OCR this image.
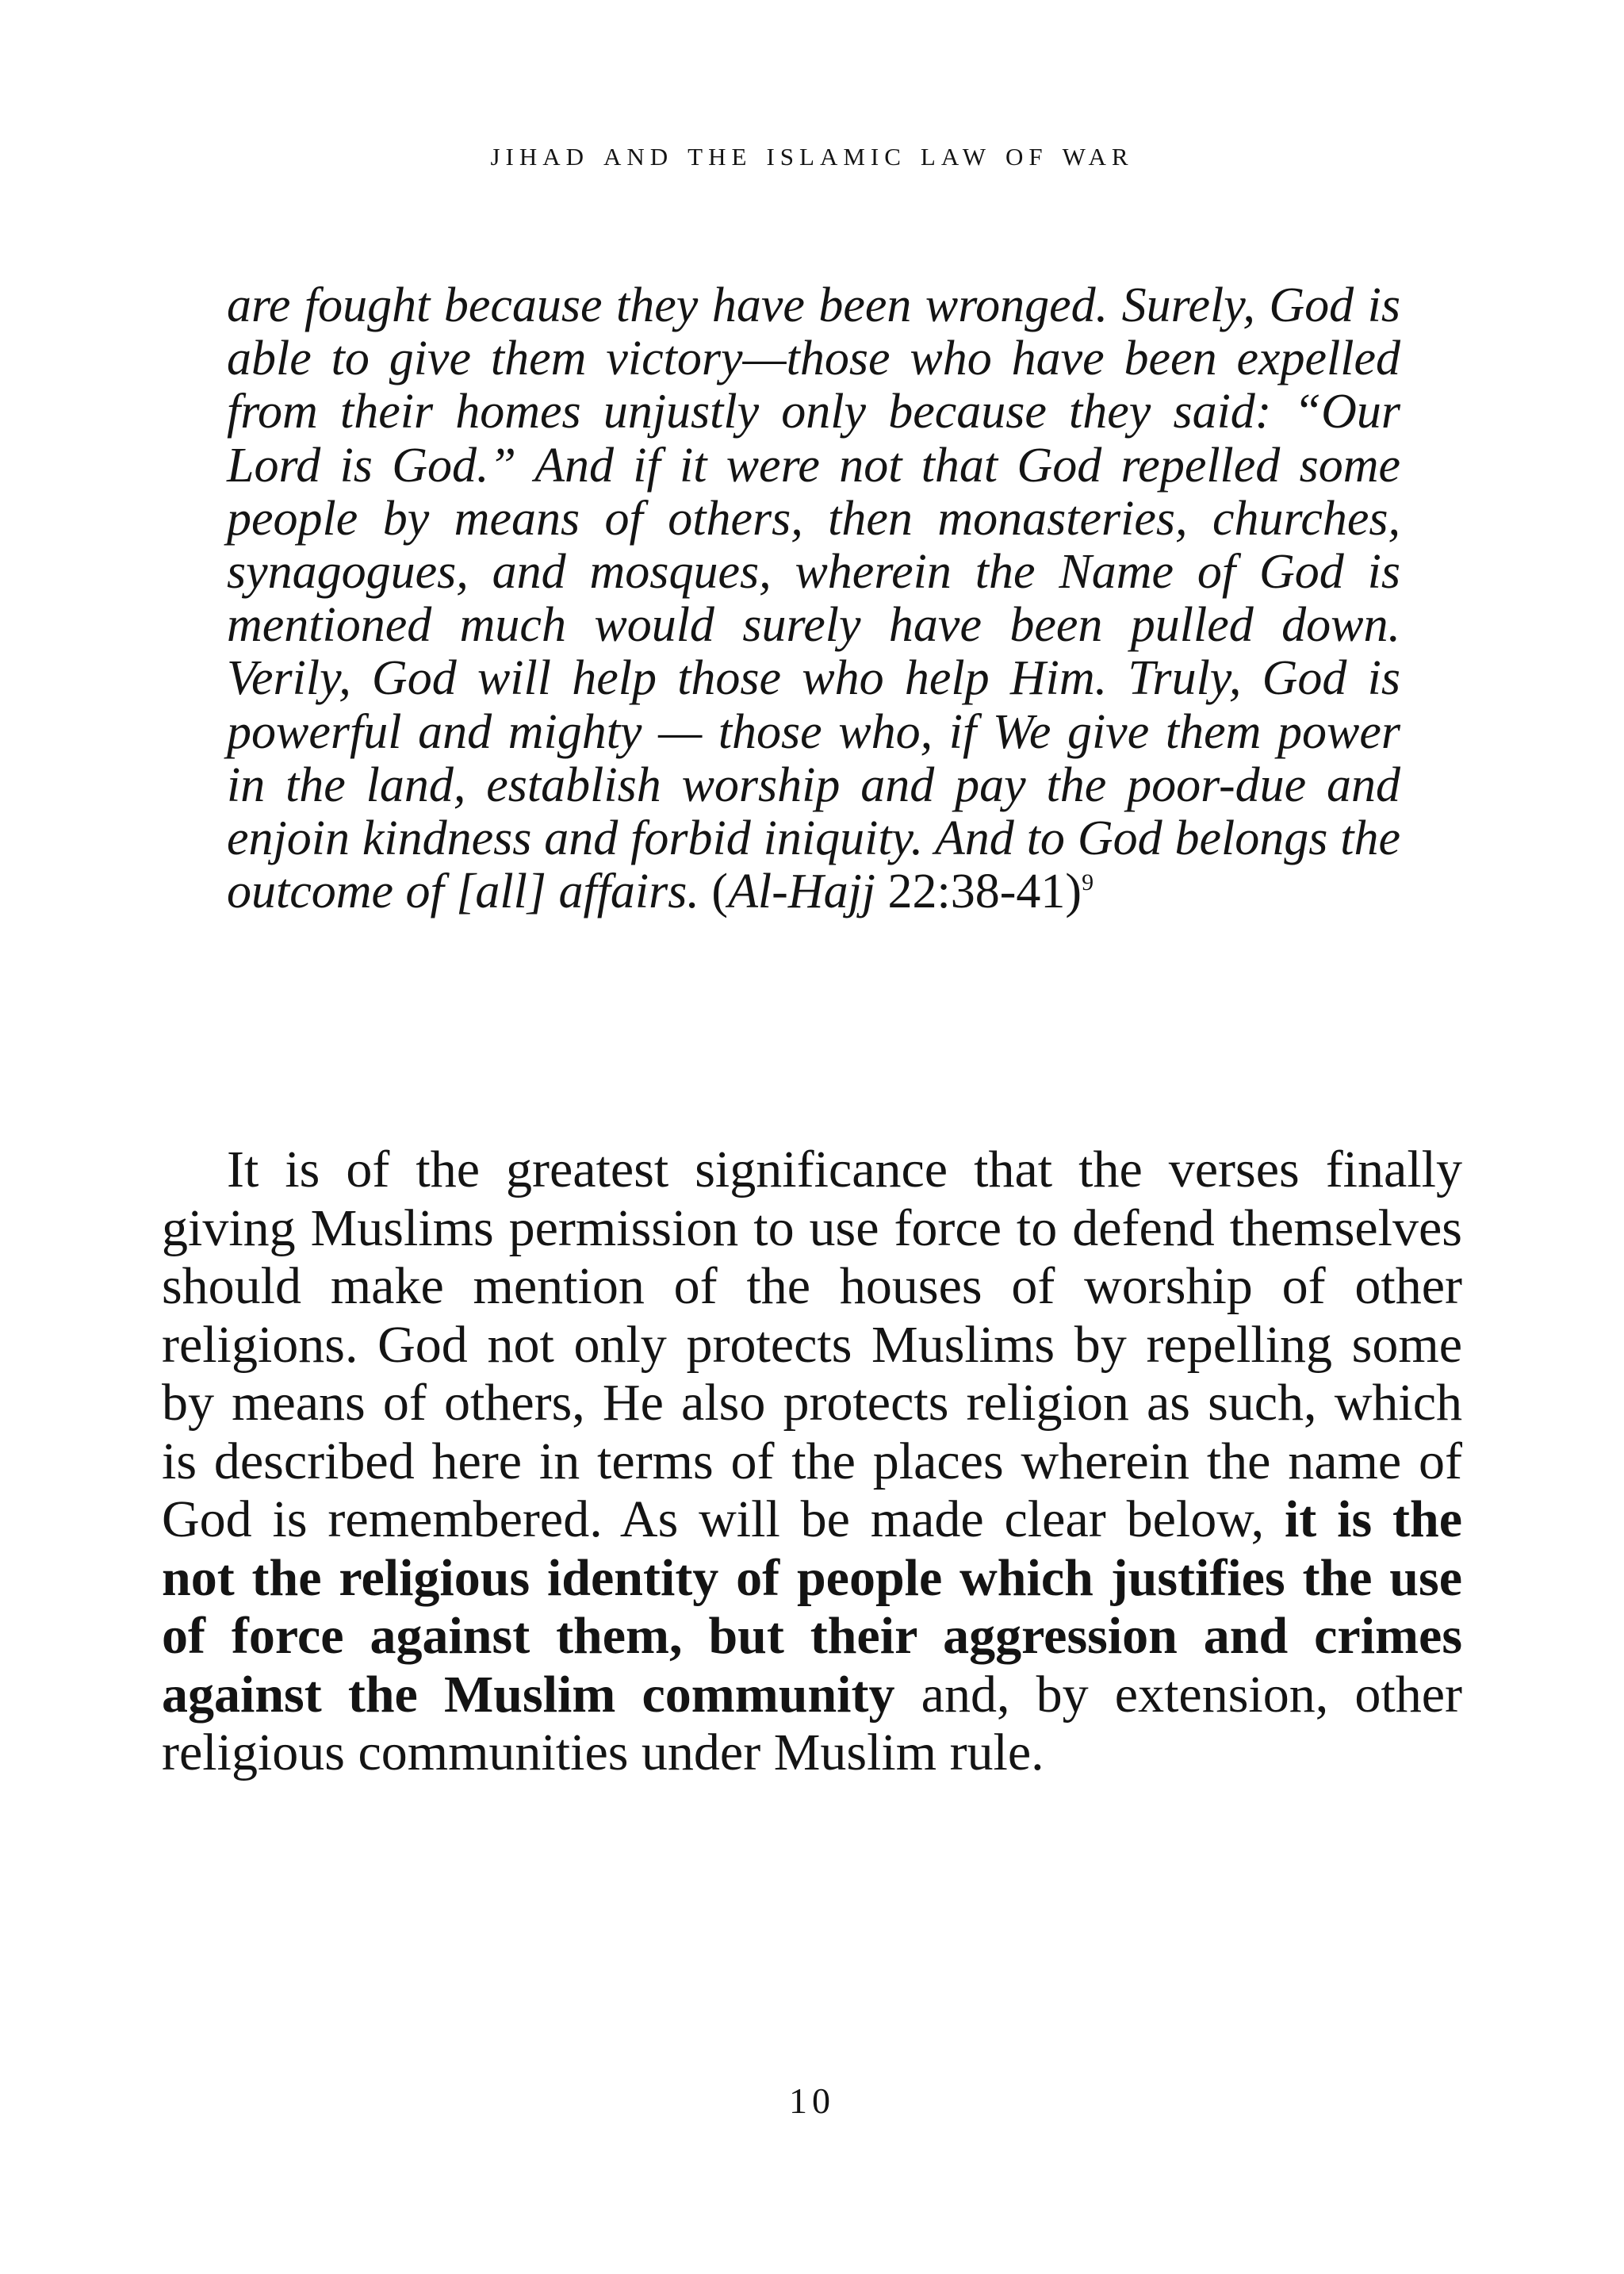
jihad and the islamic law of war

are fought because they have been wronged. Surely, God is able to give them victory—those who have been expelled from their homes unjustly only because they said: “Our Lord is God.” And if it were not that God repelled some people by means of others, then monasteries, churches, synagogues, and mosques, wherein the Name of God is mentioned much would surely have been pulled down. Verily, God will help those who help Him. Truly, God is powerful and mighty — those who, if We give them power in the land, establish worship and pay the poor-due and enjoin kindness and forbid iniquity. And to God belongs the outcome of [all] affairs. (Al-Hajj 22:38-41)$^9$

It is of the greatest significance that the verses finally giving Muslims permission to use force to defend themselves should make mention of the houses of worship of other religions. God not only protects Muslims by repelling some by means of others, He also protects religion as such, which is described here in terms of the places wherein the name of God is remembered. As will be made clear below, it is the not the religious identity of people which justifies the use of force against them, but their aggression and crimes against the Muslim community and, by extension, other religious communities under Muslim rule.

10
